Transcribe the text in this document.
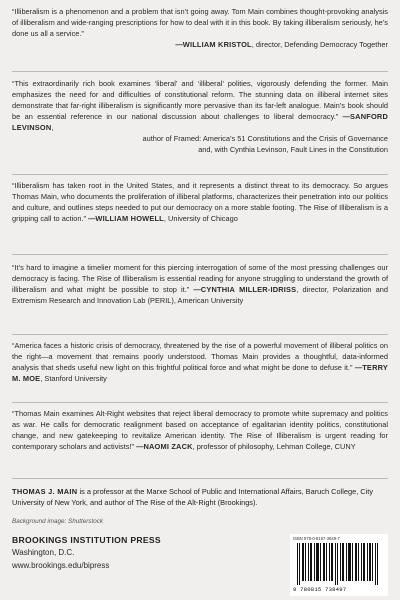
“Illiberalism is a phenomenon and a problem that isn’t going away. Tom Main combines thought-provoking analysis of illiberalism and wide-ranging prescriptions for how to deal with it in this book. By taking illiberalism seriously, he’s done us all a service.”
—WILLIAM KRISTOL, director, Defending Democracy Together
“This extraordinarily rich book examines ‘liberal’ and ‘illiberal’ polities, vigorously defending the former. Main emphasizes the need for and difficulties of constitutional reform. The stunning data on illiberal internet sites demonstrate that far-right illiberalism is significantly more pervasive than its far-left analogue. Main’s book should be an essential reference in our national discussion about challenges to liberal democracy.” —SANFORD LEVINSON,
author of Framed: America’s 51 Constitutions and the Crisis of Governance
and, with Cynthia Levinson, Fault Lines in the Constitution
“Illiberalism has taken root in the United States, and it represents a distinct threat to its democracy. So argues Thomas Main, who documents the proliferation of illiberal platforms, characterizes their penetration into our politics and culture, and outlines steps needed to put our democracy on a more stable footing. The Rise of Illiberalism is a gripping call to action.” —WILLIAM HOWELL, University of Chicago
“It’s hard to imagine a timelier moment for this piercing interrogation of some of the most pressing challenges our democracy is facing. The Rise of Illiberalism is essential reading for anyone struggling to understand the growth of illiberalism and what might be possible to stop it.” —CYNTHIA MILLER-IDRISS, director, Polarization and Extremism Research and Innovation Lab (PERIL), American University
“America faces a historic crisis of democracy, threatened by the rise of a powerful movement of illiberal politics on the right—a movement that remains poorly understood. Thomas Main provides a thoughtful, data-informed analysis that sheds useful new light on this frightful political force and what might be done to defuse it.” —TERRY M. MOE, Stanford University
“Thomas Main examines Alt-Right websites that reject liberal democracy to promote white supremacy and politics as war. He calls for democratic realignment based on acceptance of egalitarian identity politics, constitutional change, and new gatekeeping to revitalize American identity. The Rise of Illiberalism is urgent reading for contemporary scholars and activists!” —NAOMI ZACK, professor of philosophy, Lehman College, CUNY
THOMAS J. MAIN is a professor at the Marxe School of Public and International Affairs, Baruch College, City University of New York, and author of The Rise of the Alt-Right (Brookings).
Background image: Shutterstock
BROOKINGS INSTITUTION PRESS
Washington, D.C.
www.brookings.edu/bipress
ISBN 978-0-8157-3849-7
9 780815 738497
